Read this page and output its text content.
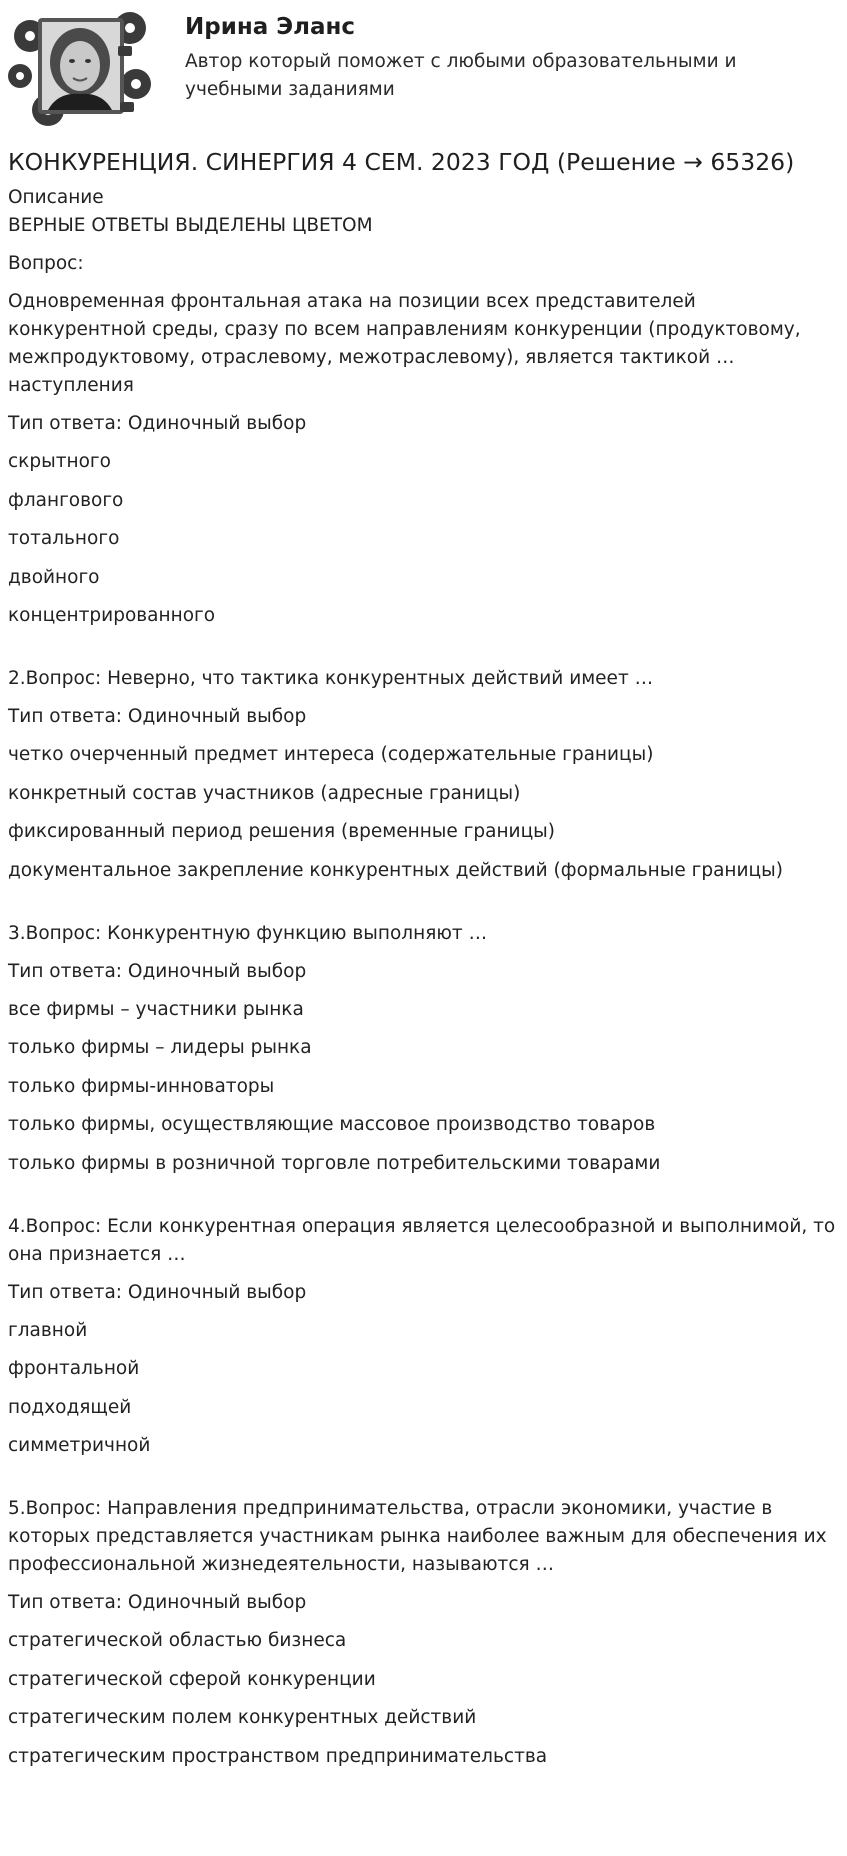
Ирина Эланс
Автор который поможет с любыми образовательными и учебными заданиями
КОНКУРЕНЦИЯ. СИНЕРГИЯ 4 СЕМ. 2023 ГОД (Решение → 65326)

Описание

ВЕРНЫЕ ОТВЕТЫ ВЫДЕЛЕНЫ ЦВЕТОМ

Вопрос:

Одновременная фронтальная атака на позиции всех представителей конкурентной среды, сразу по всем направлениям конкуренции (продуктовому, межпродуктовому, отраслевому, межотраслевому), является тактикой … наступления

Тип ответа: Одиночный выбор

скрытного

флангового

тотального

двойного

концентрированного

2.Вопрос: Неверно, что тактика конкурентных действий имеет …

Тип ответа: Одиночный выбор

четко очерченный предмет интереса (содержательные границы)

конкретный состав участников (адресные границы)

фиксированный период решения (временные границы)

документальное закрепление конкурентных действий (формальные границы)

3.Вопрос: Конкурентную функцию выполняют …

Тип ответа: Одиночный выбор

все фирмы – участники рынка

только фирмы – лидеры рынка

только фирмы-инноваторы

только фирмы, осуществляющие массовое производство товаров

только фирмы в розничной торговле потребительскими товарами

4.Вопрос: Если конкурентная операция является целесообразной и выполнимой, то она признается …

Тип ответа: Одиночный выбор

главной

фронтальной

подходящей

симметричной

5.Вопрос: Направления предпринимательства, отрасли экономики, участие в которых представляется участникам рынка наиболее важным для обеспечения их профессиональной жизнедеятельности, называются …

Тип ответа: Одиночный выбор

стратегической областью бизнеса

стратегической сферой конкуренции

стратегическим полем конкурентных действий

стратегическим пространством предпринимательства
